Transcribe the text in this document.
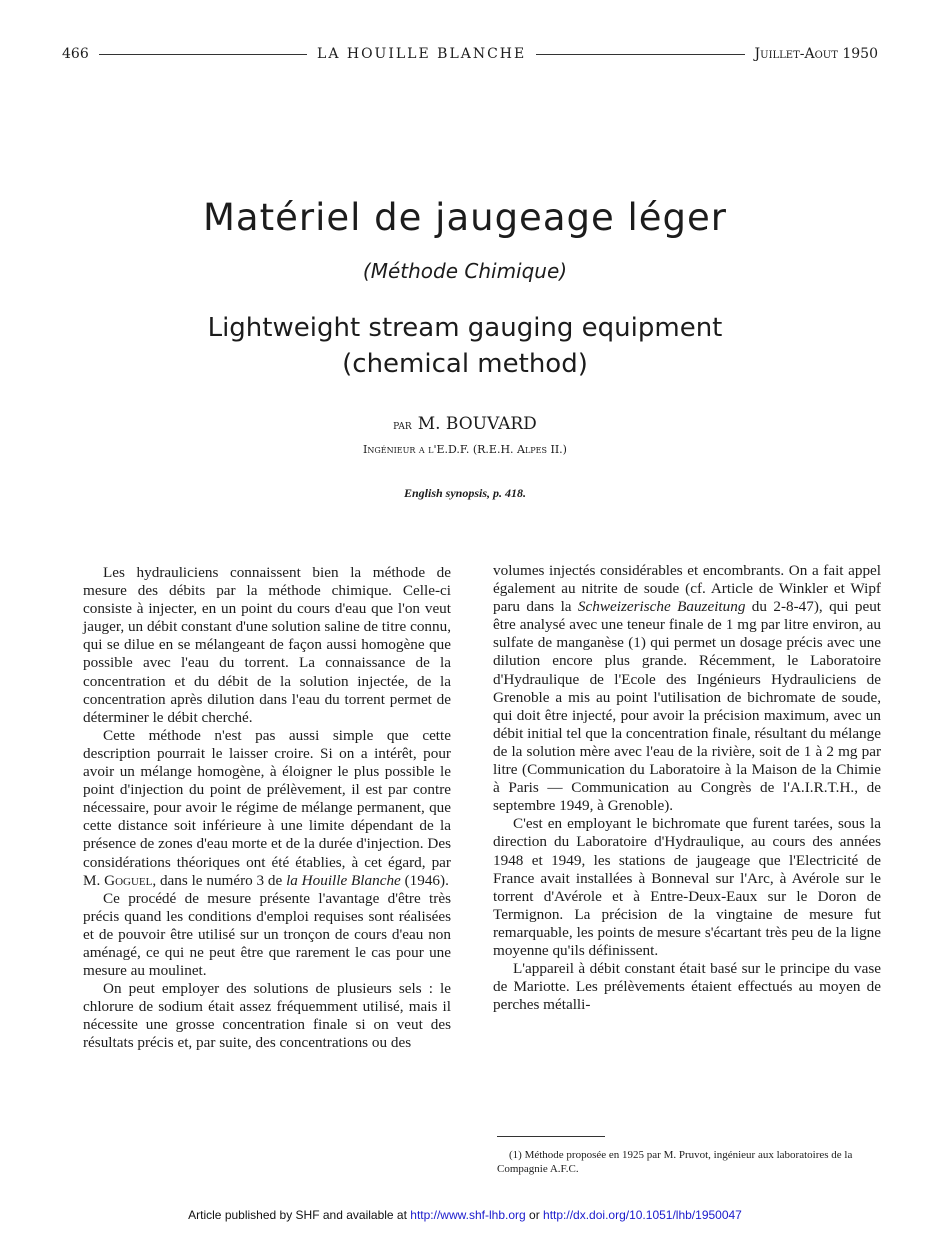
466	LA HOUILLE BLANCHE	Juillet-Aout 1950
Matériel de jaugeage léger
(Méthode Chimique)
Lightweight stream gauging equipment
(chemical method)
par M. BOUVARD
Ingénieur a l'E.D.F. (R.E.H. Alpes II.)
English synopsis, p. 418.

Les hydrauliciens connaissent bien la méthode de mesure des débits par la méthode chimique. Celle-ci consiste à injecter, en un point du cours d'eau que l'on veut jauger, un débit constant d'une solution saline de titre connu, qui se dilue en se mélangeant de façon aussi homogène que possible avec l'eau du torrent. La connaissance de la concentration et du débit de la solution injectée, de la concentration après dilution dans l'eau du torrent permet de déterminer le débit cherché.

Cette méthode n'est pas aussi simple que cette description pourrait le laisser croire. Si on a intérêt, pour avoir un mélange homogène, à éloigner le plus possible le point d'injection du point de prélèvement, il est par contre nécessaire, pour avoir le régime de mélange permanent, que cette distance soit inférieure à une limite dépendant de la présence de zones d'eau morte et de la durée d'injection. Des considérations théoriques ont été établies, à cet égard, par M. Goguel, dans le numéro 3 de la Houille Blanche (1946).

Ce procédé de mesure présente l'avantage d'être très précis quand les conditions d'emploi requises sont réalisées et de pouvoir être utilisé sur un tronçon de cours d'eau non aménagé, ce qui ne peut être que rarement le cas pour une mesure au moulinet.

On peut employer des solutions de plusieurs sels : le chlorure de sodium était assez fréquemment utilisé, mais il nécessite une grosse concentration finale si on veut des résultats précis et, par suite, des concentrations ou des

volumes injectés considérables et encombrants. On a fait appel également au nitrite de soude (cf. Article de Winkler et Wipf paru dans la Schweizerische Bauzeitung du 2-8-47), qui peut être analysé avec une teneur finale de 1 mg par litre environ, au sulfate de manganèse (1) qui permet un dosage précis avec une dilution encore plus grande. Récemment, le Laboratoire d'Hydraulique de l'Ecole des Ingénieurs Hydrauliciens de Grenoble a mis au point l'utilisation de bichromate de soude, qui doit être injecté, pour avoir la précision maximum, avec un débit initial tel que la concentration finale, résultant du mélange de la solution mère avec l'eau de la rivière, soit de 1 à 2 mg par litre (Communication du Laboratoire à la Maison de la Chimie à Paris — Communication au Congrès de l'A.I.R.T.H., de septembre 1949, à Grenoble).

C'est en employant le bichromate que furent tarées, sous la direction du Laboratoire d'Hydraulique, au cours des années 1948 et 1949, les stations de jaugeage que l'Electricité de France avait installées à Bonneval sur l'Arc, à Avérole sur le torrent d'Avérole et à Entre-Deux-Eaux sur le Doron de Termignon. La précision de la vingtaine de mesure fut remarquable, les points de mesure s'écartant très peu de la ligne moyenne qu'ils définissent.

L'appareil à débit constant était basé sur le principe du vase de Mariotte. Les prélèvements étaient effectués au moyen de perches métalli-

(1) Méthode proposée en 1925 par M. Pruvot, ingénieur aux laboratoires de la Compagnie A.F.C.
Article published by SHF and available at http://www.shf-lhb.org or http://dx.doi.org/10.1051/lhb/1950047
